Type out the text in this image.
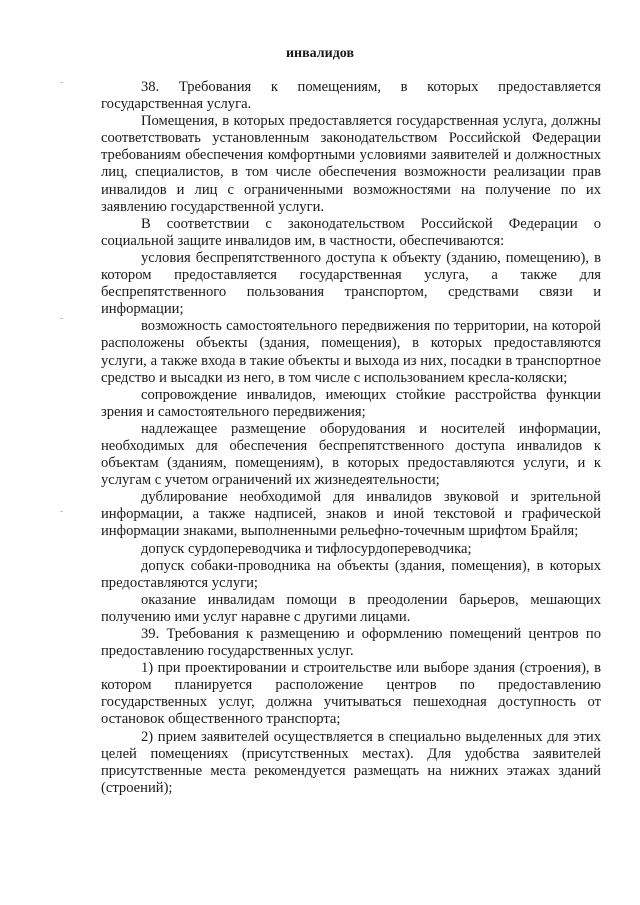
инвалидов

38. Требования к помещениям, в которых предоставляется государственная услуга.

Помещения, в которых предоставляется государственная услуга, должны соответствовать установленным законодательством Российской Федерации требованиям обеспечения комфортными условиями заявителей и должностных лиц, специалистов, в том числе обеспечения возможности реализации прав инвалидов и лиц с ограниченными возможностями на получение по их заявлению государственной услуги.

В соответствии с законодательством Российской Федерации о социальной защите инвалидов им, в частности, обеспечиваются:

условия беспрепятственного доступа к объекту (зданию, помещению), в котором предоставляется государственная услуга, а также для беспрепятственного пользования транспортом, средствами связи и информации;

возможность самостоятельного передвижения по территории, на которой расположены объекты (здания, помещения), в которых предоставляются услуги, а также входа в такие объекты и выхода из них, посадки в транспортное средство и высадки из него, в том числе с использованием кресла-коляски;

сопровождение инвалидов, имеющих стойкие расстройства функции зрения и самостоятельного передвижения;

надлежащее размещение оборудования и носителей информации, необходимых для обеспечения беспрепятственного доступа инвалидов к объектам (зданиям, помещениям), в которых предоставляются услуги, и к услугам с учетом ограничений их жизнедеятельности;

дублирование необходимой для инвалидов звуковой и зрительной информации, а также надписей, знаков и иной текстовой и графической информации знаками, выполненными рельефно-точечным шрифтом Брайля;

допуск сурдопереводчика и тифлосурдопереводчика;

допуск собаки-проводника на объекты (здания, помещения), в которых предоставляются услуги;

оказание инвалидам помощи в преодолении барьеров, мешающих получению ими услуг наравне с другими лицами.

39. Требования к размещению и оформлению помещений центров по предоставлению государственных услуг.

1) при проектировании и строительстве или выборе здания (строения), в котором планируется расположение центров по предоставлению государственных услуг, должна учитываться пешеходная доступность от остановок общественного транспорта;

2) прием заявителей осуществляется в специально выделенных для этих целей помещениях (присутственных местах). Для удобства заявителей присутственные места рекомендуется размещать на нижних этажах зданий (строений);
